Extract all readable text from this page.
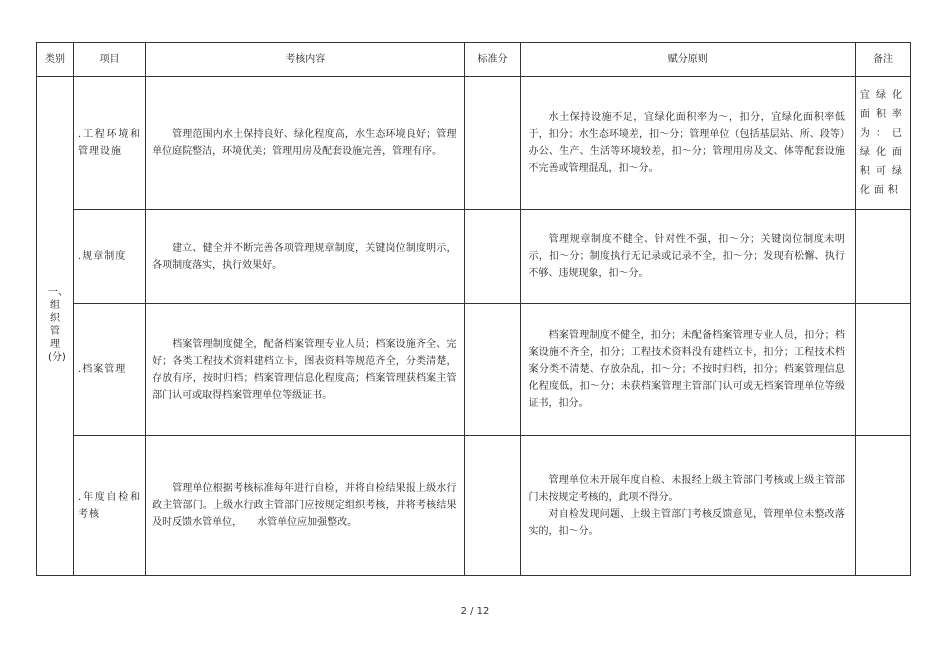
类别	项目	考核内容	标准分	赋分原则	备注
一、组织管理(分)	.工程环境和管理设施	管理范围内水土保持良好、绿化程度高，水生态环境良好；管理单位庭院整洁，环境优美；管理用房及配套设施完善，管理有序。		水土保持设施不足，宜绿化面积率为～，扣分，宜绿化面积率低于，扣分；水生态环境差，扣～分；管理单位（包括基层站、所、段等）办公、生产、生活等环境较差，扣～分；管理用房及文、体等配套设施不完善或管理混乱，扣～分。	宜绿化面积率为：已绿化面积可绿化面积

	.规章制度	建立、健全并不断完善各项管理规章制度，关键岗位制度明示，各项制度落实，执行效果好。		管理规章制度不健全、针对性不强，扣～分；关键岗位制度未明示，扣～分；制度执行无记录或记录不全，扣～分；发现有松懈、执行不够、违规现象，扣～分。	

	.档案管理	档案管理制度健全，配备档案管理专业人员；档案设施齐全、完好；各类工程技术资料建档立卡，图表资料等规范齐全，分类清楚，存放有序，按时归档；档案管理信息化程度高；档案管理获档案主管部门认可或取得档案管理单位等级证书。		档案管理制度不健全，扣分；未配备档案管理专业人员，扣分；档案设施不齐全，扣分；工程技术资料没有建档立卡，扣分；工程技术档案分类不清楚、存放杂乱，扣～分；不按时归档，扣分；档案管理信息化程度低，扣～分；未获档案管理主管部门认可或无档案管理单位等级证书，扣分。	

	.年度自检和考核	管理单位根据考核标准每年进行自检，并将自检结果报上级水行政主管部门。上级水行政主管部门应按规定组织考核，并将考核结果及时反馈水管单位，　　水管单位应加强整改。		管理单位未开展年度自检、未报经上级主管部门考核或上级主管部门未按规定考核的，此项不得分。
对自检发现问题、上级主管部门考核反馈意见，管理单位未整改落实的，扣～分。	

2 / 12
